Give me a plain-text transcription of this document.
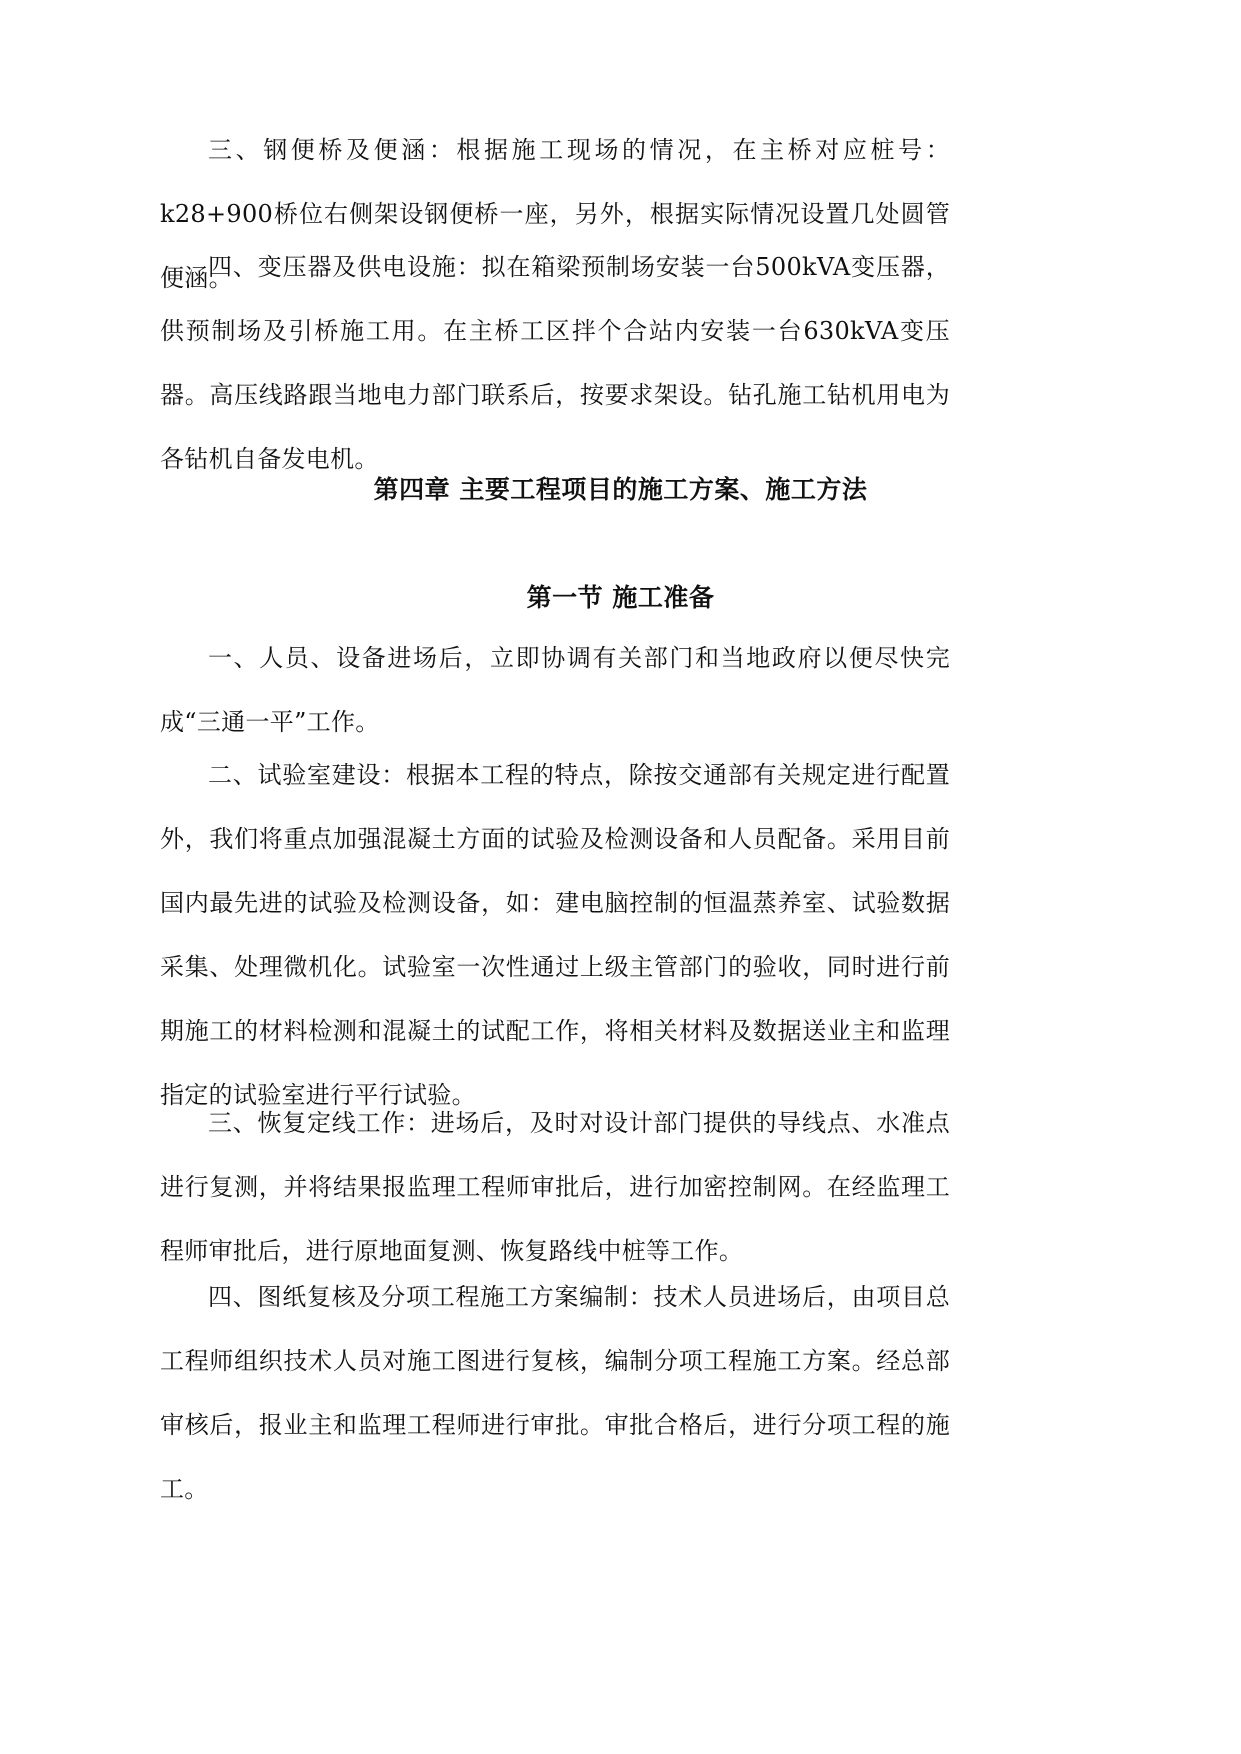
三、钢便桥及便涵：根据施工现场的情况，在主桥对应桩号：k28+900桥位右侧架设钢便桥一座，另外，根据实际情况设置几处圆管便涵。

四、变压器及供电设施：拟在箱梁预制场安装一台500kVA变压器，供预制场及引桥施工用。在主桥工区拌个合站内安装一台630kVA变压器。高压线路跟当地电力部门联系后，按要求架设。钻孔施工钻机用电为各钻机自备发电机。

第四章 主要工程项目的施工方案、施工方法
第一节 施工准备

一、人员、设备进场后，立即协调有关部门和当地政府以便尽快完成“三通一平”工作。

二、试验室建设：根据本工程的特点，除按交通部有关规定进行配置外，我们将重点加强混凝土方面的试验及检测设备和人员配备。采用目前国内最先进的试验及检测设备，如：建电脑控制的恒温蒸养室、试验数据采集、处理微机化。试验室一次性通过上级主管部门的验收，同时进行前期施工的材料检测和混凝土的试配工作，将相关材料及数据送业主和监理指定的试验室进行平行试验。

三、恢复定线工作：进场后，及时对设计部门提供的导线点、水准点进行复测，并将结果报监理工程师审批后，进行加密控制网。在经监理工程师审批后，进行原地面复测、恢复路线中桩等工作。

四、图纸复核及分项工程施工方案编制：技术人员进场后，由项目总工程师组织技术人员对施工图进行复核，编制分项工程施工方案。经总部审核后，报业主和监理工程师进行审批。审批合格后，进行分项工程的施工。
